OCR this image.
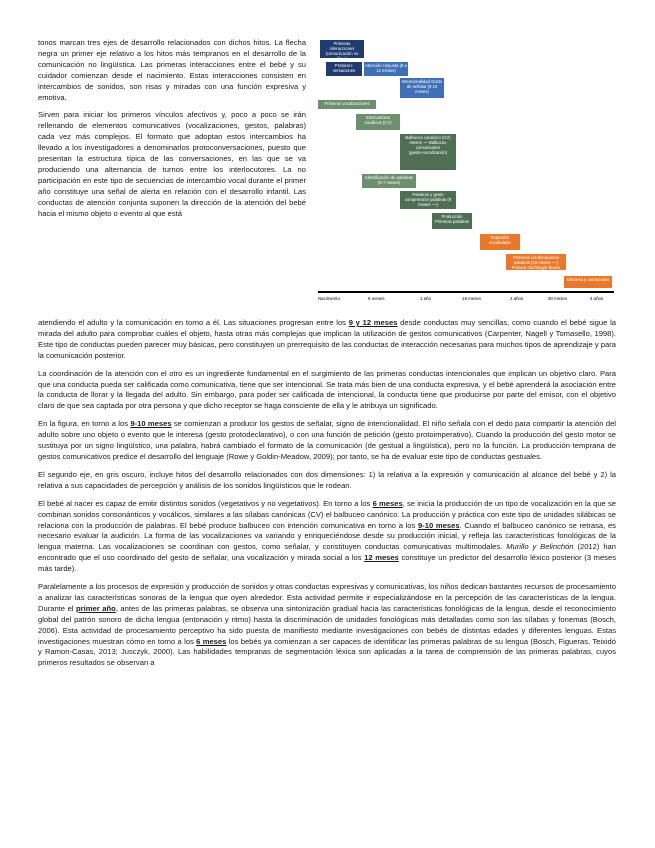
tonos marcan tres ejes de desarrollo relacionados con dichos hitos. La flecha negra un primer eje relativo a los hitos más tempranos en el desarrollo de la comunicación no lingüística. Las primeras interacciones entre el bebé y su cuidador comienzan desde el nacimiento. Estas interacciones consisten en intercambios de sonidos, son risas y miradas con una función expresiva y emotiva.

Sirven para iniciar los primeros vínculos afectivos y, poco a poco se irán rellenando de elementos comunicativos (vocalizaciones, gestos, palabras) cada vez más complejos. El formato que adoptan estos intercambios ha llevado a los investigadores a denominarlos protoconversaciones, puesto que presentan la estructura típica de las conversaciones, en las que se va produciendo una alternancia de turnos entre los interlocutores. La no participación en este tipo de secuencias de intercambio vocal durante el primer año constituye una señal de alerta en relación con el desarrollo infantil. Las conductas de atención conjunta suponen la dirección de la atención del bebé hacia el mismo objeto o evento al que está

Primeras interacciones (comunicación no lin...)
Protocon- versaciones
Atención conjunta (9 a 12 meses)
Intencionalidad Gesto de señalar (9-10 meses)
Primeros vocalizaciones
Intercambios vocálicos (CV)
Balbuceo canónico (CV) meses ~~ Balbuceo comunicativo (gesto+vocalización)
Identificación de palabras (6-7 meses)
Palabras y gesto comprensión palabras (9 meses ~~)
Producción Primeras palabras
Explosión vocabulario
Primeras combinaciones palabras (18 meses ~~) Primera morfología flexiva
Discurso y narraciones
Nacimiento	6 meses	1 año	18 meses	2 años	30 meses	3 años

atendiendo el adulto y la comunicación en torno a él. Las situaciones progresan entre los 9 y 12 meses desde conductas muy sencillas, como cuando el bebé sigue la mirada del adulto para comprobar cuáles el objeto, hasta otras más complejas que implican la utilización de gestos comunicativos (Carpenter, Nagell y Tomasello, 1998). Este tipo de conductas pueden parecer muy básicas, pero constituyen un prerrequisito de las conductas de interacción necesarias para muchos tipos de aprendizaje y para la comunicación posterior.

La coordinación de la atención con el otro es un ingrediente fundamental en el surgimiento de las primeras conductas intencionales que implican un objetivo claro. Para que una conducta pueda ser calificada como comunicativa, tiene que ser intencional. Se trata más bien de una conducta expresiva, y el bebé aprenderá la asociación entre la conducta de llorar y la llegada del adulto. Sin embargo, para poder ser calificada de intencional, la conducta tiene que producirse por parte del emisor, con el objetivo claro de que sea captada por otra persona y que dicho receptor se haga consciente de ella y le atribuya un significado.

En la figura, en torno a los 9-10 meses se comienzan a producir los gestos de señalar, signo de intencionalidad. El niño señala con el dedo para compartir la atención del adulto sobre uno objeto o evento que le interesa (gesto protodeclarativo), o con una función de petición (gesto protoimperativo). Cuando la producción del gesto motor se sustituya por un signo lingüístico, una palabra, habrá cambiado el formato de la comunicación (de gestual a lingüística), pero no la función. La producción temprana de gestos comunicativos predice el desarrollo del lenguaje (Rowe y Goldin-Meadow, 2009); por tanto, se ha de evaluar este tipo de conductas gestuales.

El segundo eje, en gris oscuro, incluye hitos del desarrollo relacionados con dos dimensiones: 1) la relativa a la expresión y comunicación al alcance del bebé y 2) la relativa a sus capacidades de percepción y análisis de los sonidos lingüísticos que le rodean.

El bebé al nacer es capaz de emitir distintos sonidos (vegetativos y no vegetativos). En torno a los 6 meses, se inicia la producción de un tipo de vocalización en la que se combinan sonidos consonánticos y vocálicos, similares a las sílabas canónicas (CV) el balbuceo canónico. La producción y práctica con este tipo de unidades silábicas se relaciona con la producción de palabras. El bebé produce balbuceo con intención comunicativa en torno a los 9-10 meses. Cuando el balbuceo canónico se retrasa, es necesario evaluar la audición. La forma de las vocalizaciones va variando y enriqueciéndose desde su producción inicial, y refleja las características fonológicas de la lengua materna. Las vocalizaciones se coordinan con gestos, como señalar, y constituyen conductas comunicativas multimodales. Murillo y Belinchón (2012) han encontrado que el uso coordinado del gesto de señalar, una vocalización y mirada social a los 12 meses constituye un predictor del desarrollo léxico posterior (3 meses más tarde).

Paralelamente a los procesos de expresión y producción de sonidos y otras conductas expresivas y comunicativas, los niños dedican bastantes recursos de procesamiento a analizar las características sonoras de la lengua que oyen alrededor. Esta actividad permite ir especializándose en la percepción de las características de la lengua. Durante el primer año, antes de las primeras palabras, se observa una sintonización gradual hacia las características fonológicas de la lengua, desde el reconocimiento global del patrón sonoro de dicha lengua (entonación y ritmo) hasta la discriminación de unidades fonológicas más detalladas como son las sílabas y fonemas (Bosch, 2006). Esta actividad de procesamiento perceptivo ha sido puesta de manifiesto mediante investigaciones con bebés de distintas edades y diferentes lenguas. Estas investigaciones muestran cómo en torno a los 6 meses los bebés ya comienzan a ser capaces de identificar las primeras palabras de su lengua (Bosch, Figueras, Teixidó y Ramon-Casas, 2013; Jusczyk, 2000). Las habilidades tempranas de segmentación léxica son aplicadas a la tarea de comprensión de las primeras palabras, cuyos primeros resultados se observan a
